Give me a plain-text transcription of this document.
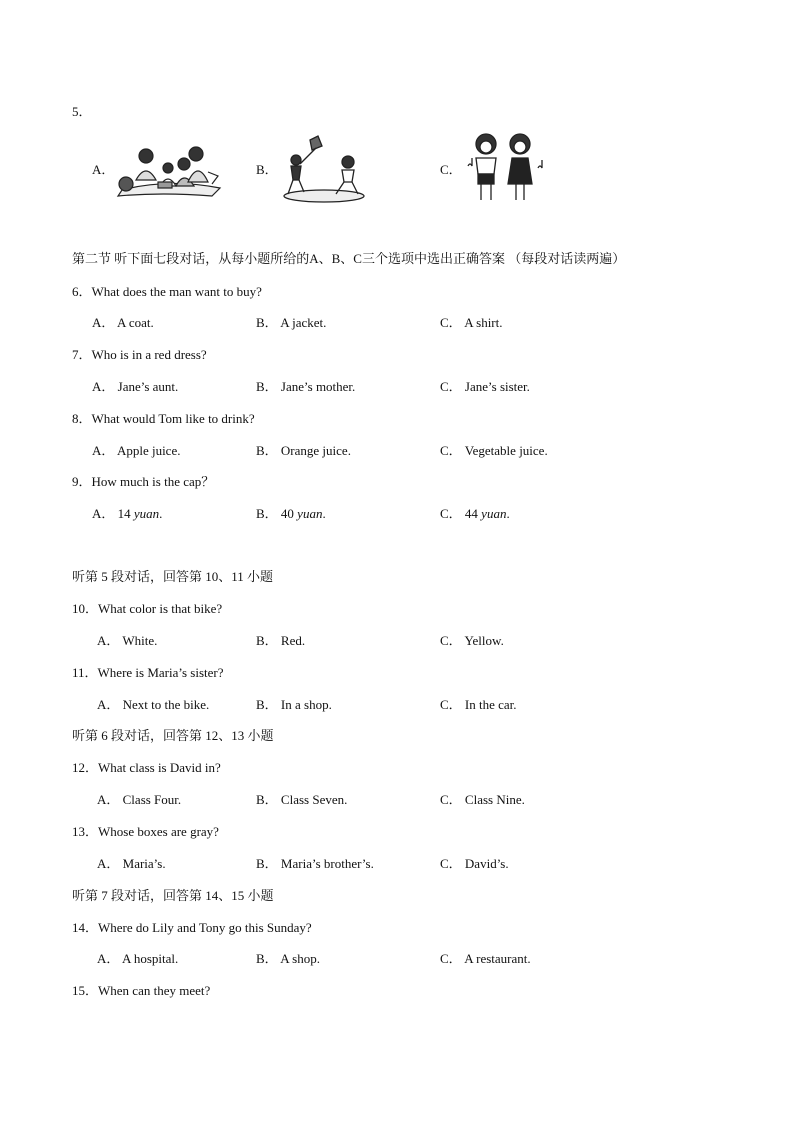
5．
A．	B．	C．
第二节 听下面七段对话，从每小题所给的A、B、C三个选项中选出正确答案 （每段对话读两遍）
6．What does the man want to buy?
A． A coat.	B． A jacket.	C． A shirt.
7．Who is in a red dress?
A． Jane’s aunt.	B． Jane’s mother.	C． Jane’s sister.
8．What would Tom like to drink?
A． Apple juice.	B． Orange juice.	C． Vegetable juice.
9．How much is the cap？
A． 14 yuan.	B． 40 yuan.	C． 44 yuan.
听第 5 段对话，回答第 10、11 小题
10．What color is that bike?
A． White.	B． Red.	C． Yellow.
11．Where is Maria’s sister?
A． Next to the bike.	B． In a shop.	C． In the car.
听第 6 段对话，回答第 12、13 小题
12．What class is David in?
A． Class Four.	B． Class Seven.	C． Class Nine.
13．Whose boxes are gray?
A． Maria’s.	B． Maria’s brother’s.	C． David’s.
听第 7 段对话，回答第 14、15 小题
14．Where do Lily and Tony go this Sunday?
A． A hospital.	B． A shop.	C． A restaurant.
15．When can they meet?
